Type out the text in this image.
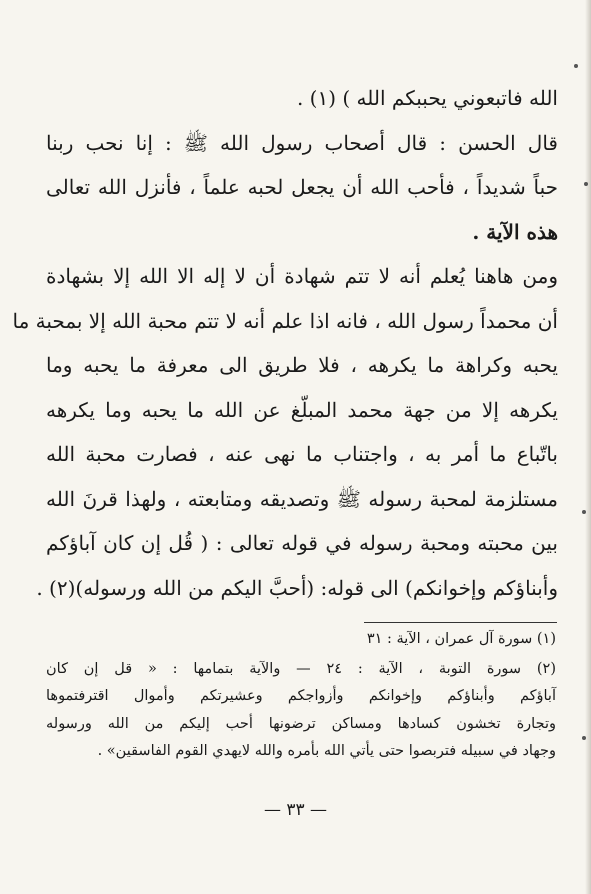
الله فاتبعوني يحببكم الله ) (١) .
قال الحسن : قال أصحاب رسول الله ﷺ : إنا نحب ربنا
حباً شديداً ، فأحب الله أن يجعل لحبه علماً ، فأنزل الله تعالى
هذه الآية .
ومن هاهنا يُعلم أنه لا تتم شهادة أن لا إله الا الله إلا بشهادة
أن محمداً رسول الله ، فانه اذا علم أنه لا تتم محبة الله إلا بمحبة ما
يحبه وكراهة ما يكرهه ، فلا طريق الى معرفة ما يحبه وما
يكرهه إلا من جهة محمد المبلّغ عن الله ما يحبه وما يكرهه
باتّباع ما أمر به ، واجتناب ما نهى عنه ، فصارت محبة الله
مستلزمة لمحبة رسوله ﷺ وتصديقه ومتابعته ، ولهذا قرنَ الله
بين محبته ومحبة رسوله في قوله تعالى : ( قُل إن كان آباؤكم
وأبناؤكم وإخوانكم) الى قوله: (أحبَّ اليكم من الله ورسوله)(٢) .
(١) سورة آل عمران ، الآية : ٣١
(٢) سورة التوبة ، الآية : ٢٤ — والآية بتمامها : « قل إن كان
آباؤكم وأبناؤكم وإخوانكم وأزواجكم وعشيرتكم وأموال اقترفتموها
وتجارة تخشون كسادها ومساكن ترضونها أحب إليكم من الله ورسوله
وجهاد في سبيله فتربصوا حتى يأتي الله بأمره والله لايهدي القوم الفاسقين» .
— ٣٣ —
